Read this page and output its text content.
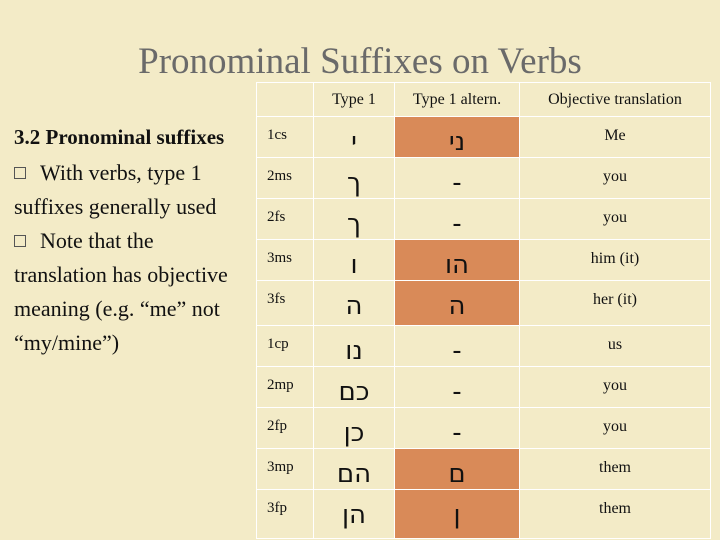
Pronominal Suffixes on Verbs
3.2 Pronominal suffixes
With verbs, type 1
suffixes generally used
Note that the
translation has objective
meaning (e.g. “me” not
“my/mine”)
	Type 1	Type 1 altern.	Objective translation

1cs	י	ני	Me

2ms	ך	-	you

2fs	ך	-	you

3ms	ו	הו	him (it)

3fs	ה	ה	her (it)

1cp	נו	-	us

2mp	כם	-	you

2fp	כן	-	you

3mp	הם	ם	them

3fp	הן	ן	them
